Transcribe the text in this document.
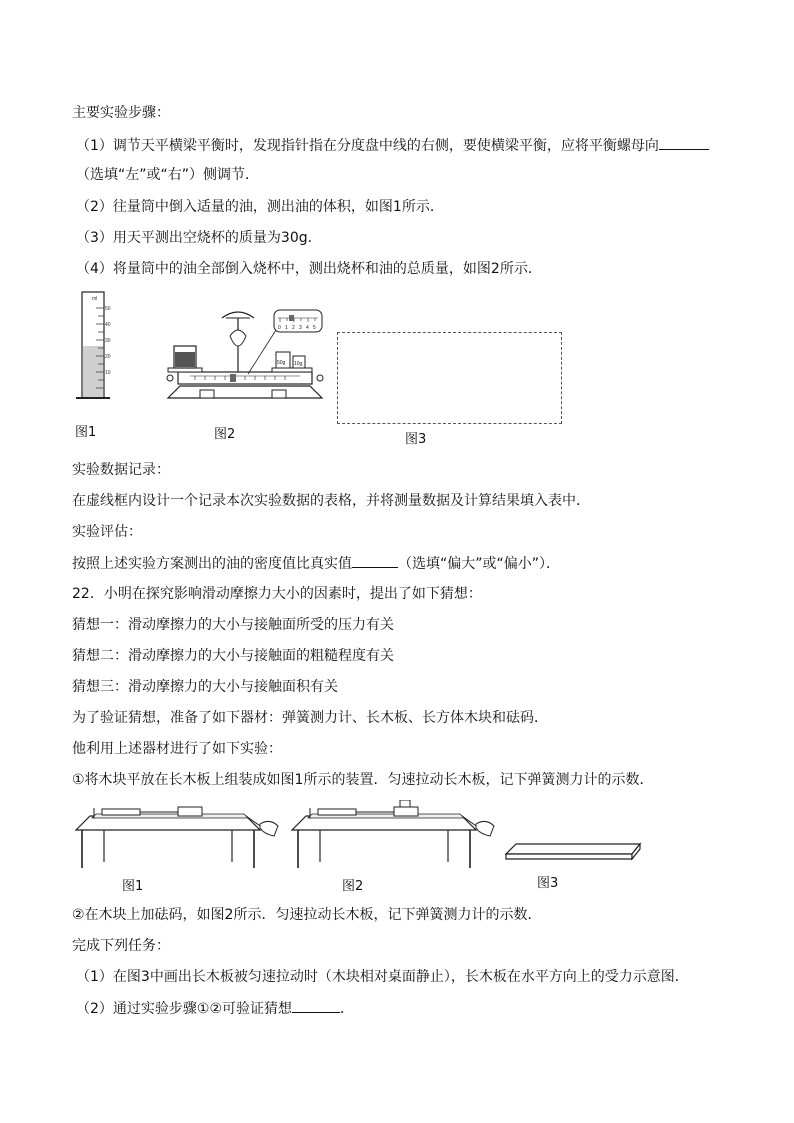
主要实验步骤：
（1）调节天平横梁平衡时，发现指针指在分度盘中线的右侧，要使横梁平衡，应将平衡螺母向
（选填“左”或“右”）侧调节．
（2）往量筒中倒入适量的油，测出油的体积，如图1所示．
（3）用天平测出空烧杯的质量为30g．
（4）将量筒中的油全部倒入烧杯中，测出烧杯和油的总质量，如图2所示．
ml
50
40
30
20
10
图1
50g 10g
0 1 2 3 4 5
图2	图3
实验数据记录：
在虚线框内设计一个记录本次实验数据的表格，并将测量数据及计算结果填入表中．
实验评估：
按照上述实验方案测出的油的密度值比真实值	（选填“偏大”或“偏小”）．
22．小明在探究影响滑动摩擦力大小的因素时，提出了如下猜想：
猜想一：滑动摩擦力的大小与接触面所受的压力有关
猜想二：滑动摩擦力的大小与接触面的粗糙程度有关
猜想三：滑动摩擦力的大小与接触面积有关
为了验证猜想，准备了如下器材：弹簧测力计、长木板、长方体木块和砝码．
他利用上述器材进行了如下实验：
①将木块平放在长木板上组装成如图1所示的装置．匀速拉动长木板，记下弹簧测力计的示数．
图1	图2	图3
②在木块上加砝码，如图2所示．匀速拉动长木板，记下弹簧测力计的示数．
完成下列任务：
（1）在图3中画出长木板被匀速拉动时（木块相对桌面静止），长木板在水平方向上的受力示意图．
（2）通过实验步骤①②可验证猜想	．
